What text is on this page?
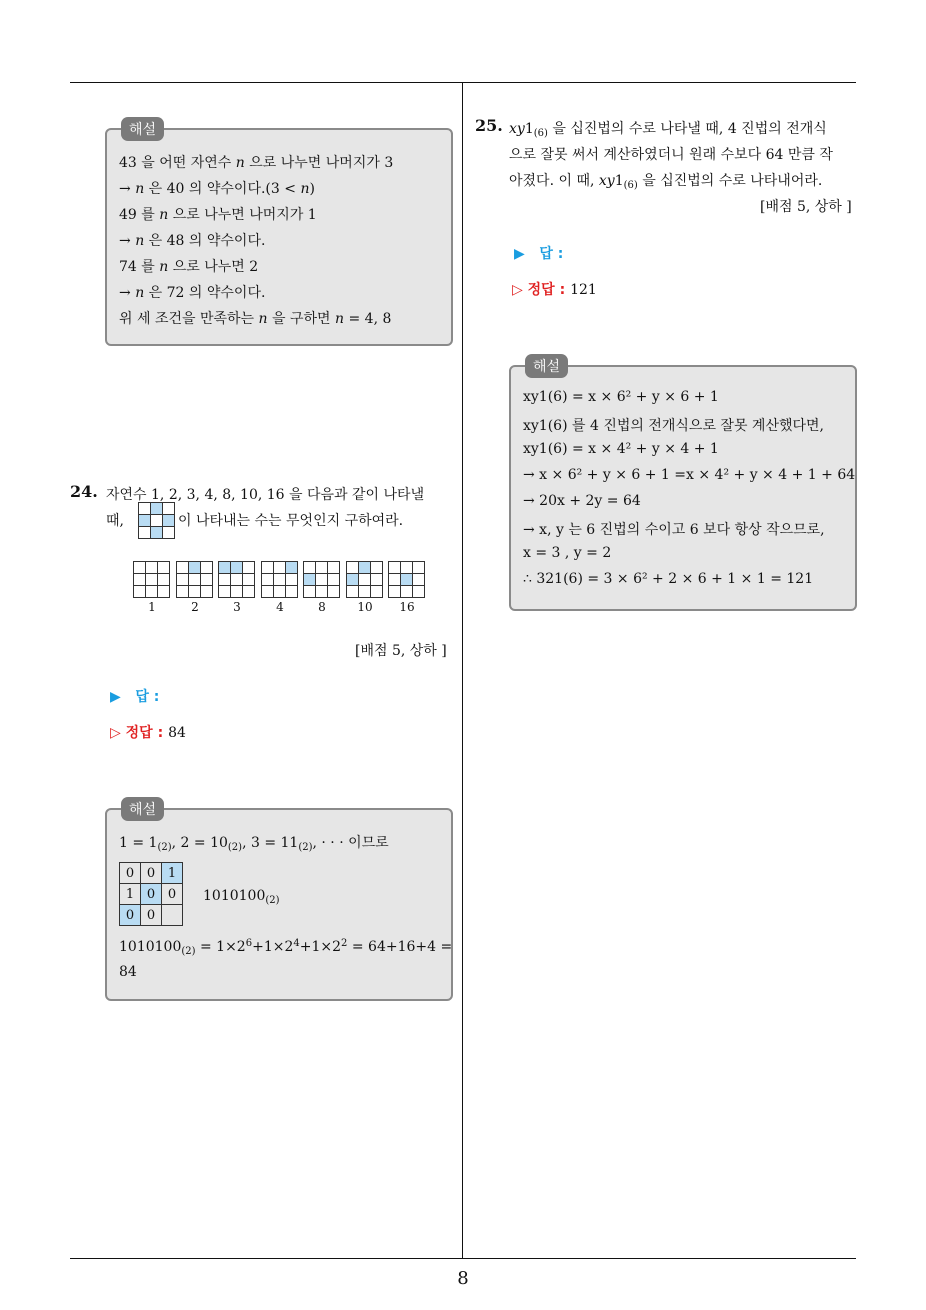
8
해설
43 을 어떤 자연수 n 으로 나누면 나머지가 3
→ n 은 40 의 약수이다.(3 < n)
49 를 n 으로 나누면 나머지가 1
→ n 은 48 의 약수이다.
74 를 n 으로 나누면 2
→ n 은 72 의 약수이다.
위 세 조건을 만족하는 n 을 구하면 n = 4, 8
24. 자연수 1, 2, 3, 4, 8, 10, 16 을 다음과 같이 나타낼
때,

			이 나타내는 수는 무엇인지 구하여라.

1	2	3	4	8	10	16
[배점 5, 상하 ]
▶ 답 :
▷ 정답 : 84
해설
$1 = 1_{(2)}$, $2 = 10_{(2)}$, $3 = 11_{(2)}$, · · · 이므로
0	0	1
1	0	0
0	0	
$1010100_{(2)}$
$1010100_{(2)} = 1\times 2^6+1\times 2^4+1\times 2^2 = 64+16+4$ =
84
25. $xy1_{(6)}$ 을 십진법의 수로 나타낼 때, 4 진법의 전개식
으로 잘못 써서 계산하였더니 원래 수보다 64 만큼 작
아졌다. 이 때, $xy1_{(6)}$ 을 십진법의 수로 나타내어라.
[배점 5, 상하 ]
▶ 답 :
▷ 정답 : 121
해설
xy1(6) = x × 6² + y × 6 + 1
xy1(6) 를 4 진법의 전개식으로 잘못 계산했다면,
xy1(6) = x × 4² + y × 4 + 1
→ x × 6² + y × 6 + 1 =x × 4² + y × 4 + 1 + 64
→ 20x + 2y = 64
→ x, y 는 6 진법의 수이고 6 보다 항상 작으므로,
x = 3 , y = 2
∴ 321(6) = 3 × 6² + 2 × 6 + 1 × 1 = 121
